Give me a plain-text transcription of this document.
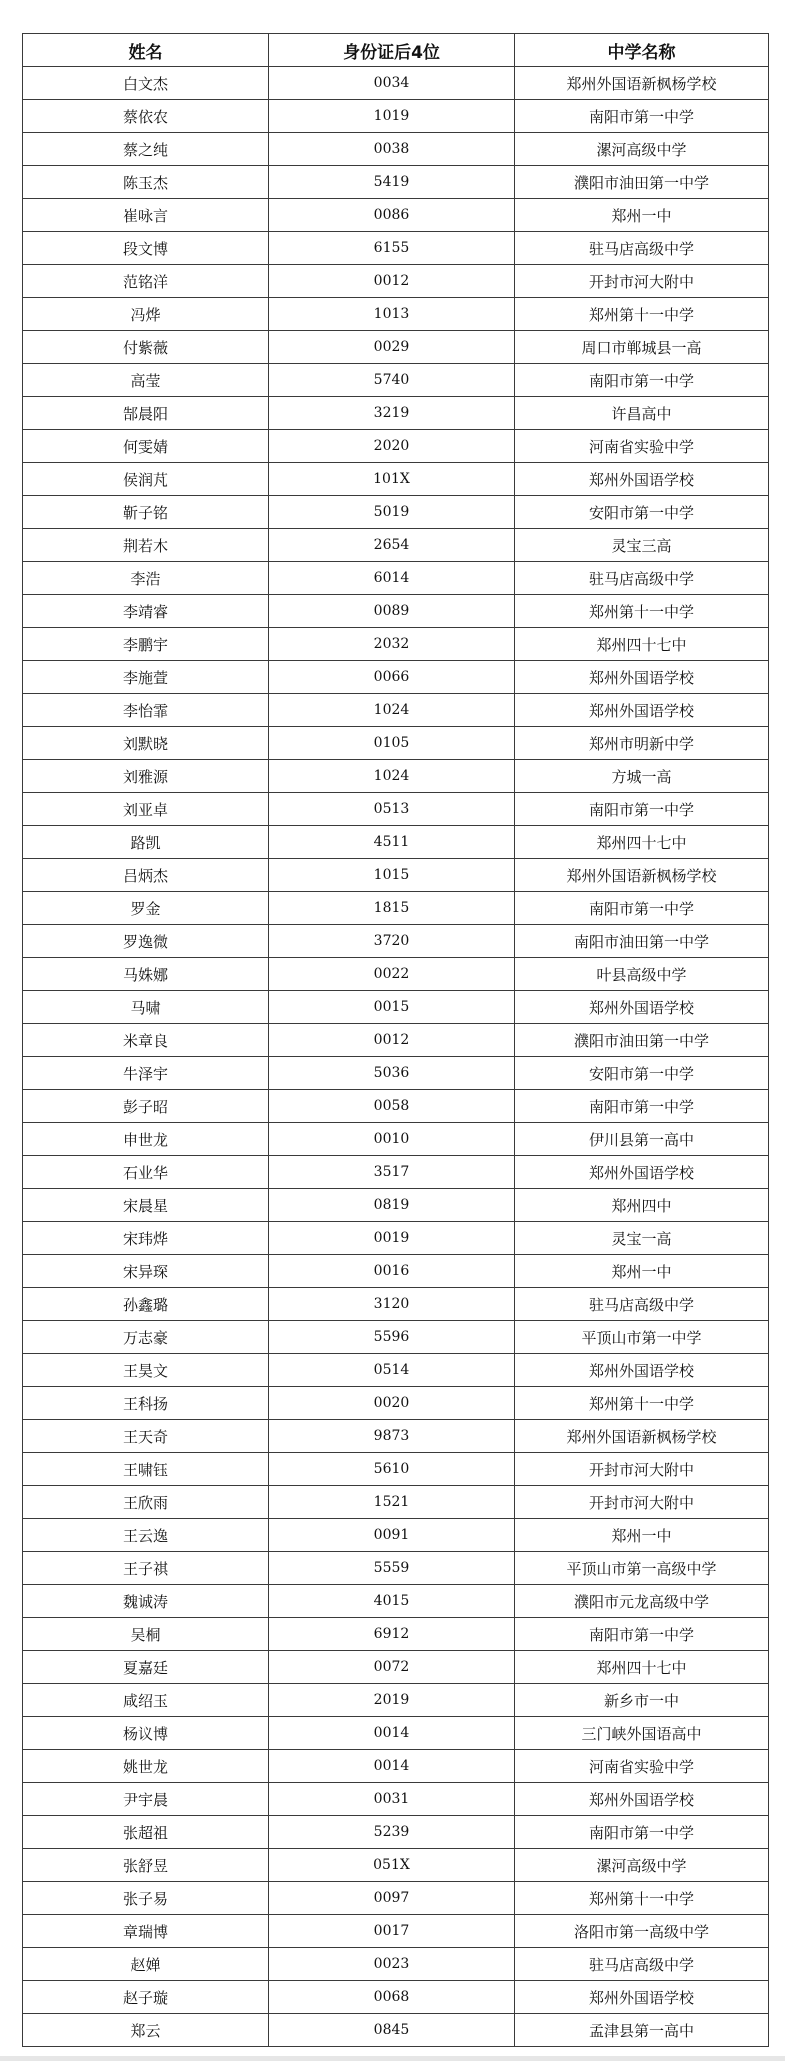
姓名	身份证后4位	中学名称
白文杰	0034	郑州外国语新枫杨学校
蔡依农	1019	南阳市第一中学
蔡之纯	0038	漯河高级中学
陈玉杰	5419	濮阳市油田第一中学
崔咏言	0086	郑州一中
段文博	6155	驻马店高级中学
范铭洋	0012	开封市河大附中
冯烨	1013	郑州第十一中学
付紫薇	0029	周口市郸城县一高
高莹	5740	南阳市第一中学
郜晨阳	3219	许昌高中
何雯婧	2020	河南省实验中学
侯润芃	101X	郑州外国语学校
靳子铭	5019	安阳市第一中学
荆若木	2654	灵宝三高
李浩	6014	驻马店高级中学
李靖睿	0089	郑州第十一中学
李鹏宇	2032	郑州四十七中
李施萱	0066	郑州外国语学校
李怡霏	1024	郑州外国语学校
刘默晓	0105	郑州市明新中学
刘雅源	1024	方城一高
刘亚卓	0513	南阳市第一中学
路凯	4511	郑州四十七中
吕炳杰	1015	郑州外国语新枫杨学校
罗金	1815	南阳市第一中学
罗逸微	3720	南阳市油田第一中学
马姝娜	0022	叶县高级中学
马啸	0015	郑州外国语学校
米章良	0012	濮阳市油田第一中学
牛泽宇	5036	安阳市第一中学
彭子昭	0058	南阳市第一中学
申世龙	0010	伊川县第一高中
石业华	3517	郑州外国语学校
宋晨星	0819	郑州四中
宋玮烨	0019	灵宝一高
宋异琛	0016	郑州一中
孙鑫璐	3120	驻马店高级中学
万志豪	5596	平顶山市第一中学
王昊文	0514	郑州外国语学校
王科扬	0020	郑州第十一中学
王天奇	9873	郑州外国语新枫杨学校
王啸钰	5610	开封市河大附中
王欣雨	1521	开封市河大附中
王云逸	0091	郑州一中
王子祺	5559	平顶山市第一高级中学
魏诚涛	4015	濮阳市元龙高级中学
吴桐	6912	南阳市第一中学
夏嘉廷	0072	郑州四十七中
咸绍玉	2019	新乡市一中
杨议博	0014	三门峡外国语高中
姚世龙	0014	河南省实验中学
尹宇晨	0031	郑州外国语学校
张超祖	5239	南阳市第一中学
张舒昱	051X	漯河高级中学
张子易	0097	郑州第十一中学
章瑞博	0017	洛阳市第一高级中学
赵婵	0023	驻马店高级中学
赵子璇	0068	郑州外国语学校
郑云	0845	孟津县第一高中
